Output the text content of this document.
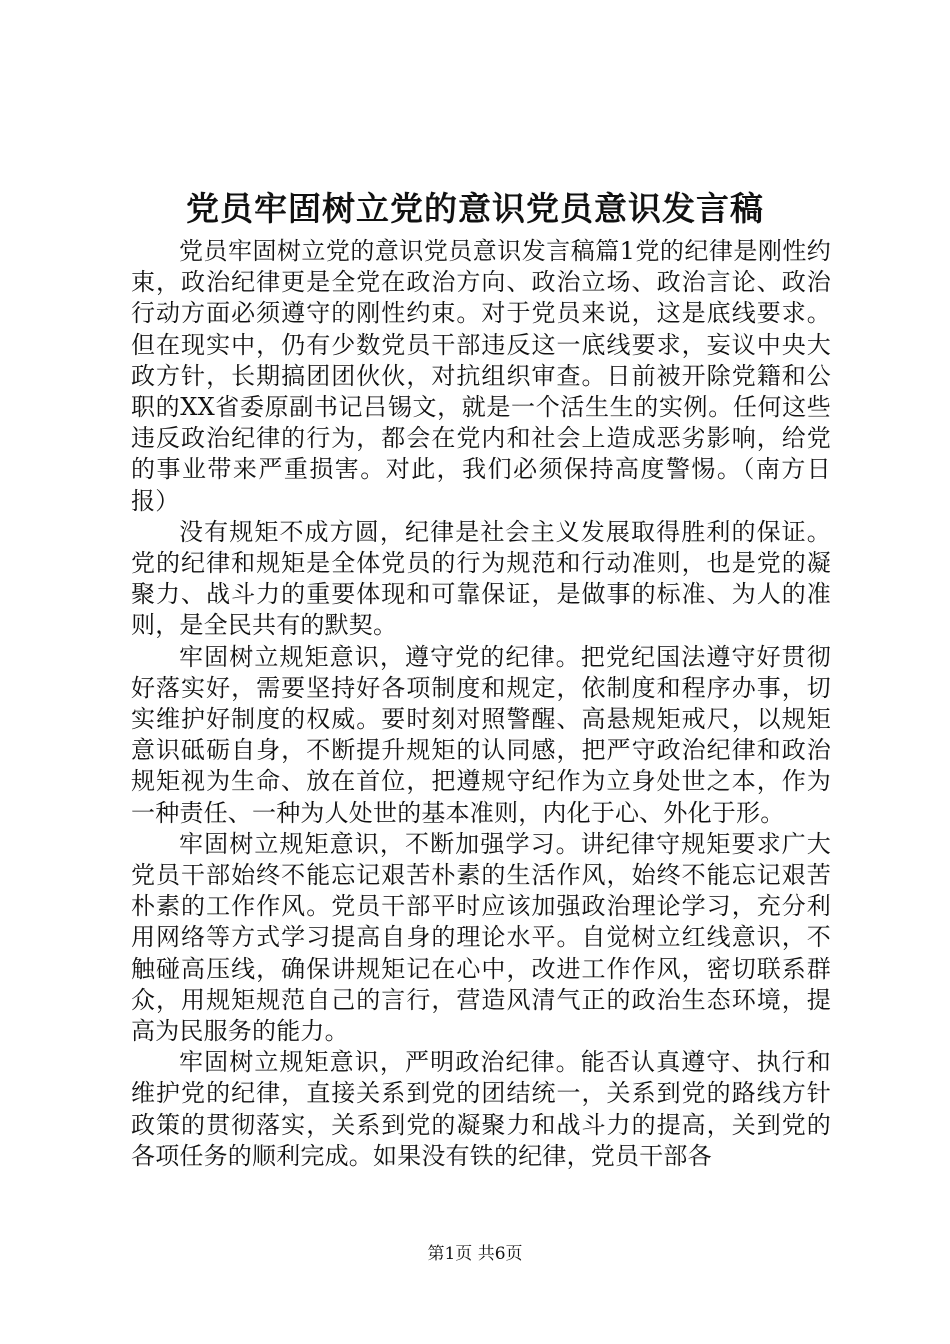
党员牢固树立党的意识党员意识发言稿

党员牢固树立党的意识党员意识发言稿篇1党的纪律是刚性约束，政治纪律更是全党在政治方向、政治立场、政治言论、政治行动方面必须遵守的刚性约束。对于党员来说，这是底线要求。但在现实中，仍有少数党员干部违反这一底线要求，妄议中央大政方针，长期搞团团伙伙，对抗组织审查。日前被开除党籍和公职的XX省委原副书记吕锡文，就是一个活生生的实例。任何这些违反政治纪律的行为，都会在党内和社会上造成恶劣影响，给党的事业带来严重损害。对此，我们必须保持高度警惕。（南方日报）

没有规矩不成方圆，纪律是社会主义发展取得胜利的保证。党的纪律和规矩是全体党员的行为规范和行动准则，也是党的凝聚力、战斗力的重要体现和可靠保证，是做事的标准、为人的准则，是全民共有的默契。

牢固树立规矩意识，遵守党的纪律。把党纪国法遵守好贯彻好落实好，需要坚持好各项制度和规定，依制度和程序办事，切实维护好制度的权威。要时刻对照警醒、高悬规矩戒尺，以规矩意识砥砺自身，不断提升规矩的认同感，把严守政治纪律和政治规矩视为生命、放在首位，把遵规守纪作为立身处世之本，作为一种责任、一种为人处世的基本准则，内化于心、外化于形。

牢固树立规矩意识，不断加强学习。讲纪律守规矩要求广大党员干部始终不能忘记艰苦朴素的生活作风，始终不能忘记艰苦朴素的工作作风。党员干部平时应该加强政治理论学习，充分利用网络等方式学习提高自身的理论水平。自觉树立红线意识，不触碰高压线，确保讲规矩记在心中，改进工作作风，密切联系群众，用规矩规范自己的言行，营造风清气正的政治生态环境，提高为民服务的能力。

牢固树立规矩意识，严明政治纪律。能否认真遵守、执行和维护党的纪律，直接关系到党的团结统一，关系到党的路线方针政策的贯彻落实，关系到党的凝聚力和战斗力的提高，关到党的各项任务的顺利完成。如果没有铁的纪律，党员干部各

第1页 共6页
